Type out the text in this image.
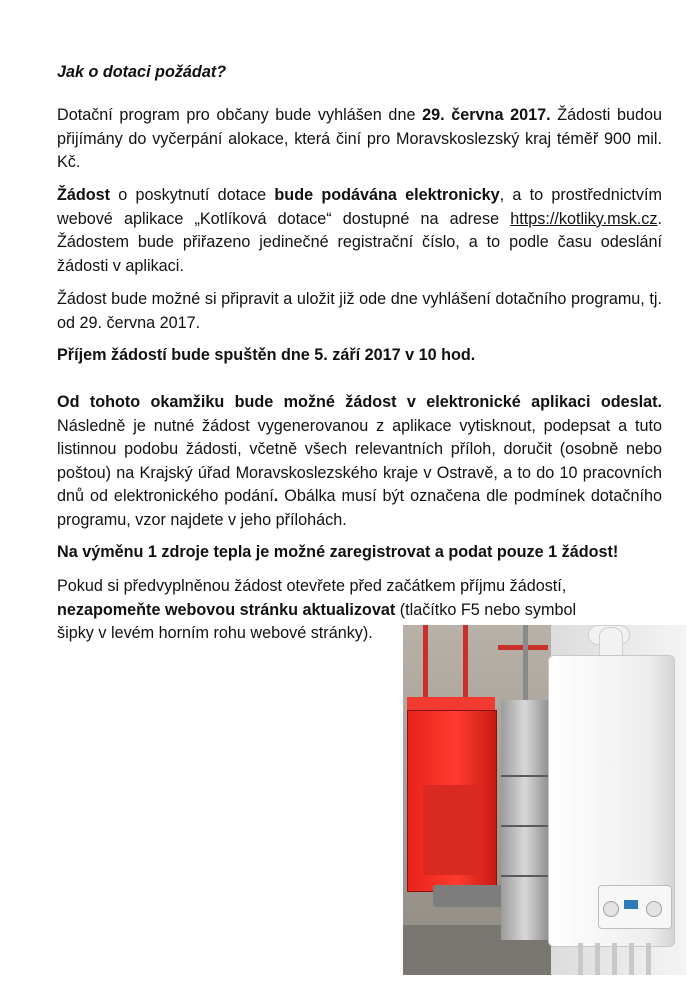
Jak o dotaci požádat?

Dotační program pro občany bude vyhlášen dne 29. června 2017. Žádosti budou přijímány do vyčerpání alokace, která činí pro Moravskoslezský kraj téměř 900 mil. Kč.

Žádost o poskytnutí dotace bude podávána elektronicky, a to prostřednictvím webové aplikace „Kotlíková dotace“ dostupné na adrese https://kotliky.msk.cz. Žádostem bude přiřazeno jedinečné registrační číslo, a to podle času odeslání žádosti v aplikaci.

Žádost bude možné si připravit a uložit již ode dne vyhlášení dotačního programu, tj. od 29. června 2017.

Příjem žádostí bude spuštěn dne 5. září 2017 v 10 hod.

Od tohoto okamžiku bude možné žádost v elektronické aplikaci odeslat. Následně je nutné žádost vygenerovanou z aplikace vytisknout, podepsat a tuto listinnou podobu žádosti, včetně všech relevantních příloh, doručit (osobně nebo poštou) na Krajský úřad Moravskoslezského kraje v Ostravě, a to do 10 pracovních dnů od elektronického podání. Obálka musí být označena dle podmínek dotačního programu, vzor najdete v jeho přílohách.

Na výměnu 1 zdroje tepla je možné zaregistrovat a podat pouze 1 žádost!

Pokud si předvyplněnou žádost otevřete před začátkem příjmu žádostí,
nezapomeňte webovou stránku aktualizovat (tlačítko F5 nebo symbol šipky v levém horním rohu webové stránky).
